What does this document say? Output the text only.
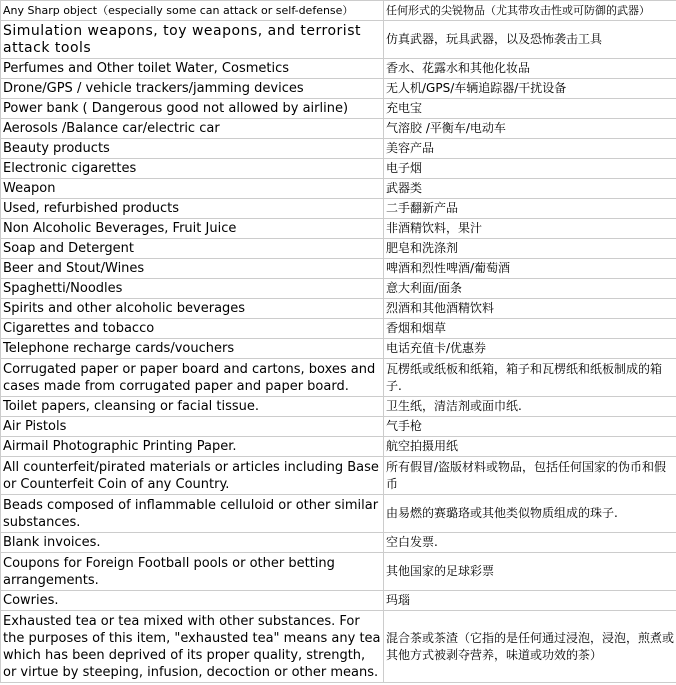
Any Sharp object（especially some can attack or self-defense）	任何形式的尖锐物品（尤其带攻击性或可防御的武器）
Simulation weapons, toy weapons, and terrorist attack tools	仿真武器，玩具武器，以及恐怖袭击工具
Perfumes and Other toilet Water, Cosmetics	香水、花露水和其他化妆品
Drone/GPS / vehicle trackers/jamming devices	无人机/GPS/车辆追踪器/干扰设备
Power bank ( Dangerous good not allowed by airline)	充电宝
Aerosols /Balance car/electric car	气溶胶 /平衡车/电动车
Beauty products	美容产品
Electronic cigarettes	电子烟
Weapon	武器类
Used, refurbished products	二手翻新产品
Non Alcoholic Beverages, Fruit Juice	非酒精饮料，果汁
Soap and Detergent	肥皂和洗涤剂
Beer and Stout/Wines	啤酒和烈性啤酒/葡萄酒
Spaghetti/Noodles	意大利面/面条
Spirits and other alcoholic beverages	烈酒和其他酒精饮料
Cigarettes and tobacco	香烟和烟草
Telephone recharge cards/vouchers	电话充值卡/优惠券
Corrugated paper or paper board and cartons, boxes and cases made from corrugated paper and paper board.	瓦楞纸或纸板和纸箱，箱子和瓦楞纸和纸板制成的箱子.
Toilet papers, cleansing or facial tissue.	卫生纸，清洁剂或面巾纸.
Air Pistols	气手枪
Airmail Photographic Printing Paper.	航空拍摄用纸
All counterfeit/pirated materials or articles including Base or Counterfeit Coin of any Country.	所有假冒/盗版材料或物品，包括任何国家的伪币和假币
Beads composed of inflammable celluloid or other similar substances.	由易燃的赛璐珞或其他类似物质组成的珠子.
Blank invoices.	空白发票.
Coupons for Foreign Football pools or other betting arrangements.	其他国家的足球彩票
Cowries.	玛瑙
Exhausted tea or tea mixed with other substances. For the purposes of this item, "exhausted tea" means any tea which has been deprived of its proper quality, strength, or virtue by steeping, infusion, decoction or other means.	混合茶或茶渣（它指的是任何通过浸泡，浸泡，煎煮或其他方式被剥夺营养，味道或功效的茶）
